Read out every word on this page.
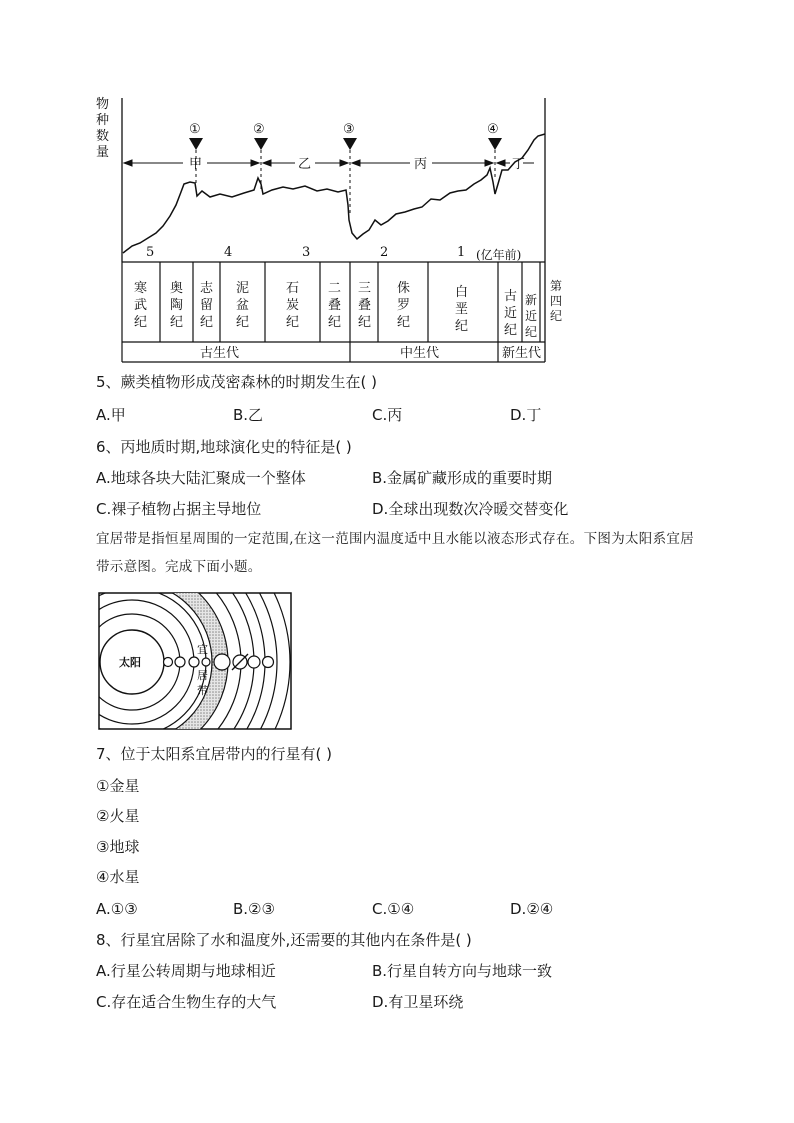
物
种
数
量
①	②	③	④
甲	乙	丙	丁
5	4	3	2	1 (亿年前)
寒
武
纪
奥
陶
纪
志
留
纪
泥
盆
纪
石
炭
纪
二
叠
纪
三
叠
纪
侏
罗
纪
白
垩
纪
古
近
纪
新
近
纪
第
四
纪
古生代	中生代	新生代
5、蕨类植物形成茂密森林的时期发生在( )
A.甲	B.乙	C.丙	D.丁
6、丙地质时期,地球演化史的特征是( )
A.地球各块大陆汇聚成一个整体	B.金属矿藏形成的重要时期
C.裸子植物占据主导地位	D.全球出现数次冷暖交替变化
宜居带是指恒星周围的一定范围,在这一范围内温度适中且水能以液态形式存在。下图为太阳系宜居带示意图。完成下面小题。
太阳
宜
居
带
7、位于太阳系宜居带内的行星有( )
①金星
②火星
③地球
④水星
A.①③	B.②③	C.①④	D.②④
8、行星宜居除了水和温度外,还需要的其他内在条件是( )
A.行星公转周期与地球相近	B.行星自转方向与地球一致
C.存在适合生物生存的大气	D.有卫星环绕
